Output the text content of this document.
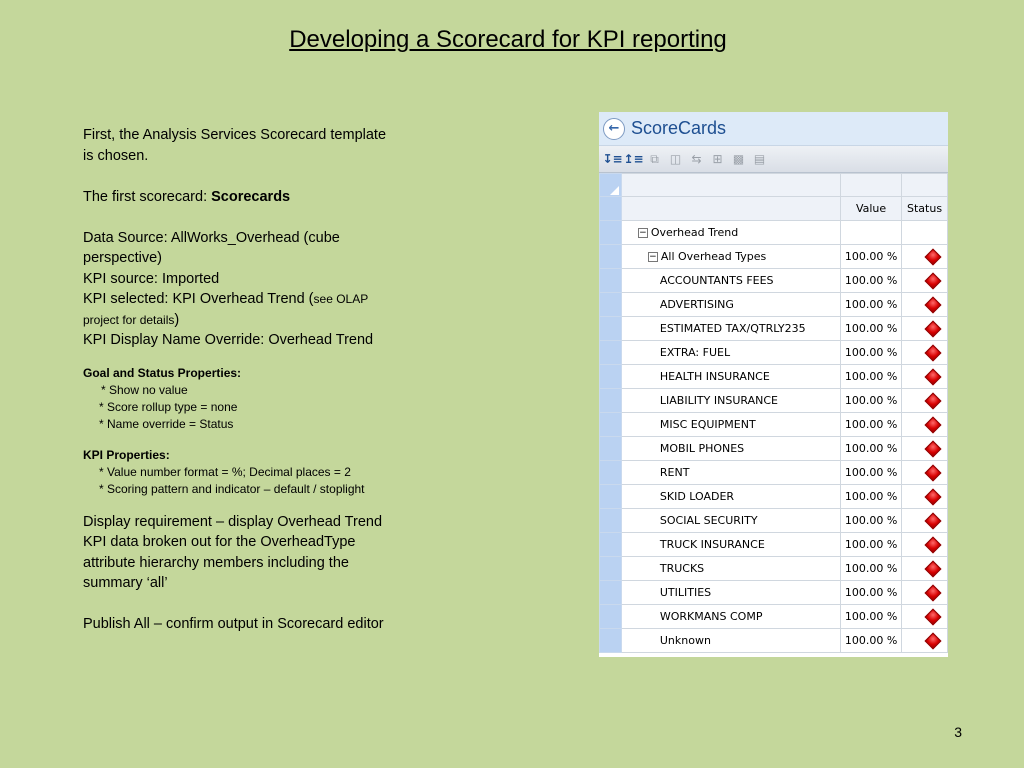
Developing a Scorecard for KPI reporting

First, the Analysis Services Scorecard template

is chosen.

The first scorecard: Scorecards

Data Source: AllWorks_Overhead (cube

perspective)

KPI source: Imported

KPI selected: KPI Overhead Trend (see OLAP

project for details)

KPI Display Name Override: Overhead Trend

Goal and Status Properties:

* Show no value

* Score rollup type = none

* Name override = Status

KPI Properties:

* Value number format = %; Decimal places = 2

* Scoring pattern and indicator – default / stoplight

Display requirement – display Overhead Trend

KPI data broken out for the OverheadType

attribute hierarchy members including the

summary ‘all’

Publish All – confirm output in Scorecard editor

← ScoreCards
↧≡ ↥≡ ⧉ ◫ ⇆ ⊞ ▩ ▤

		Value	Status
	− Overhead Trend		
	− All Overhead Types	100.00 %	

	ACCOUNTANTS FEES	100.00 %	

	ADVERTISING	100.00 %	

	ESTIMATED TAX/QTRLY235	100.00 %	

	EXTRA: FUEL	100.00 %	

	HEALTH INSURANCE	100.00 %	

	LIABILITY INSURANCE	100.00 %	

	MISC EQUIPMENT	100.00 %	

	MOBIL PHONES	100.00 %	

	RENT	100.00 %	

	SKID LOADER	100.00 %	

	SOCIAL SECURITY	100.00 %	

	TRUCK INSURANCE	100.00 %	

	TRUCKS	100.00 %	

	UTILITIES	100.00 %	

	WORKMANS COMP	100.00 %	

	Unknown	100.00 %	
3
